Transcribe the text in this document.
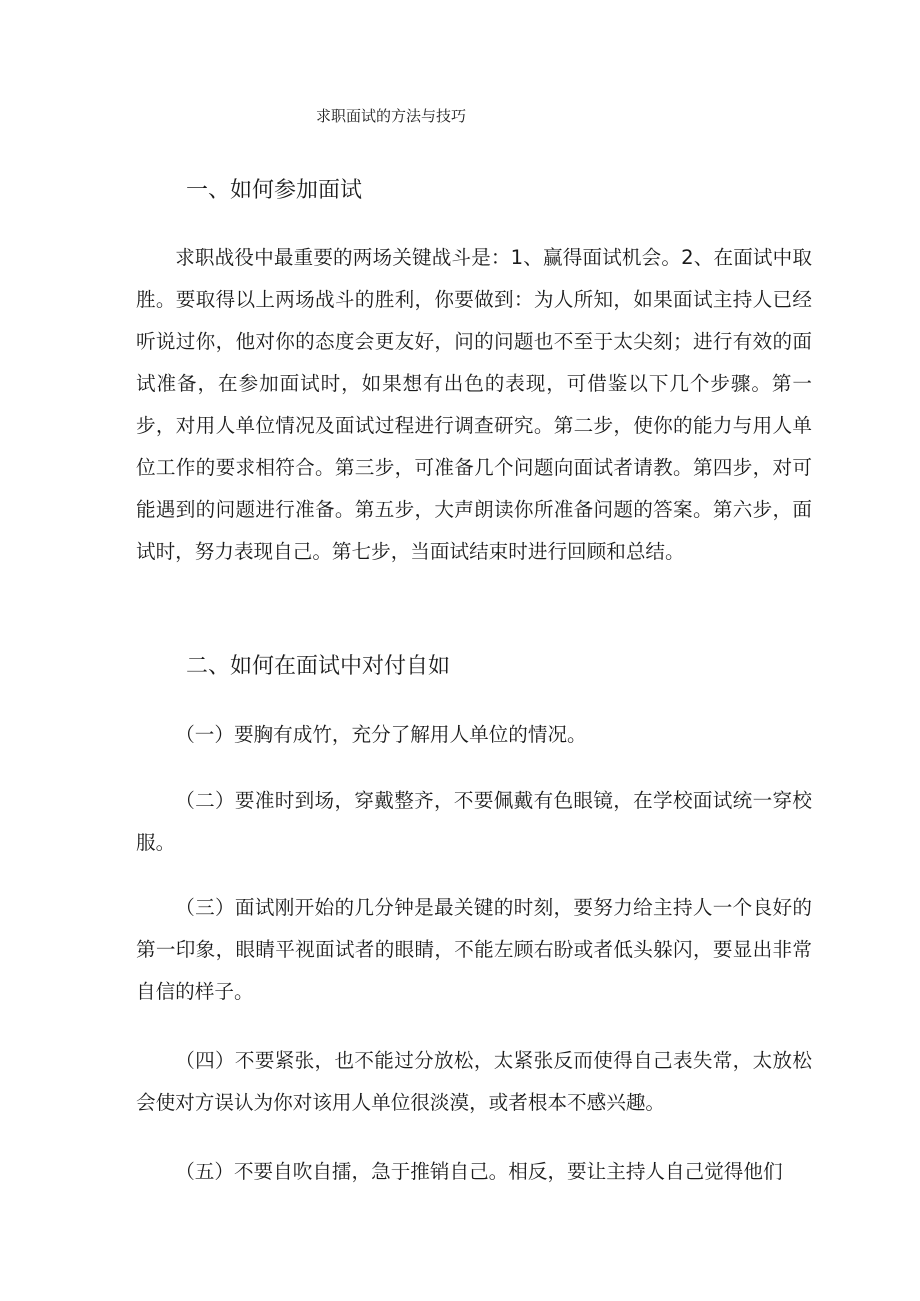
求职面试的方法与技巧
一、如何参加面试

求职战役中最重要的两场关键战斗是：1、赢得面试机会。2、在面试中取胜。要取得以上两场战斗的胜利，你要做到：为人所知，如果面试主持人已经听说过你，他对你的态度会更友好，问的问题也不至于太尖刻；进行有效的面试准备，在参加面试时，如果想有出色的表现，可借鉴以下几个步骤。第一步，对用人单位情况及面试过程进行调查研究。第二步，使你的能力与用人单位工作的要求相符合。第三步，可准备几个问题向面试者请教。第四步，对可能遇到的问题进行准备。第五步，大声朗读你所准备问题的答案。第六步，面试时，努力表现自己。第七步，当面试结束时进行回顾和总结。

二、如何在面试中对付自如

（一）要胸有成竹，充分了解用人单位的情况。

（二）要准时到场，穿戴整齐，不要佩戴有色眼镜，在学校面试统一穿校服。

（三）面试刚开始的几分钟是最关键的时刻，要努力给主持人一个良好的第一印象，眼睛平视面试者的眼睛，不能左顾右盼或者低头躲闪，要显出非常自信的样子。

（四）不要紧张，也不能过分放松，太紧张反而使得自己表失常，太放松会使对方误认为你对该用人单位很淡漠，或者根本不感兴趣。

（五）不要自吹自擂，急于推销自己。相反，要让主持人自己觉得他们
